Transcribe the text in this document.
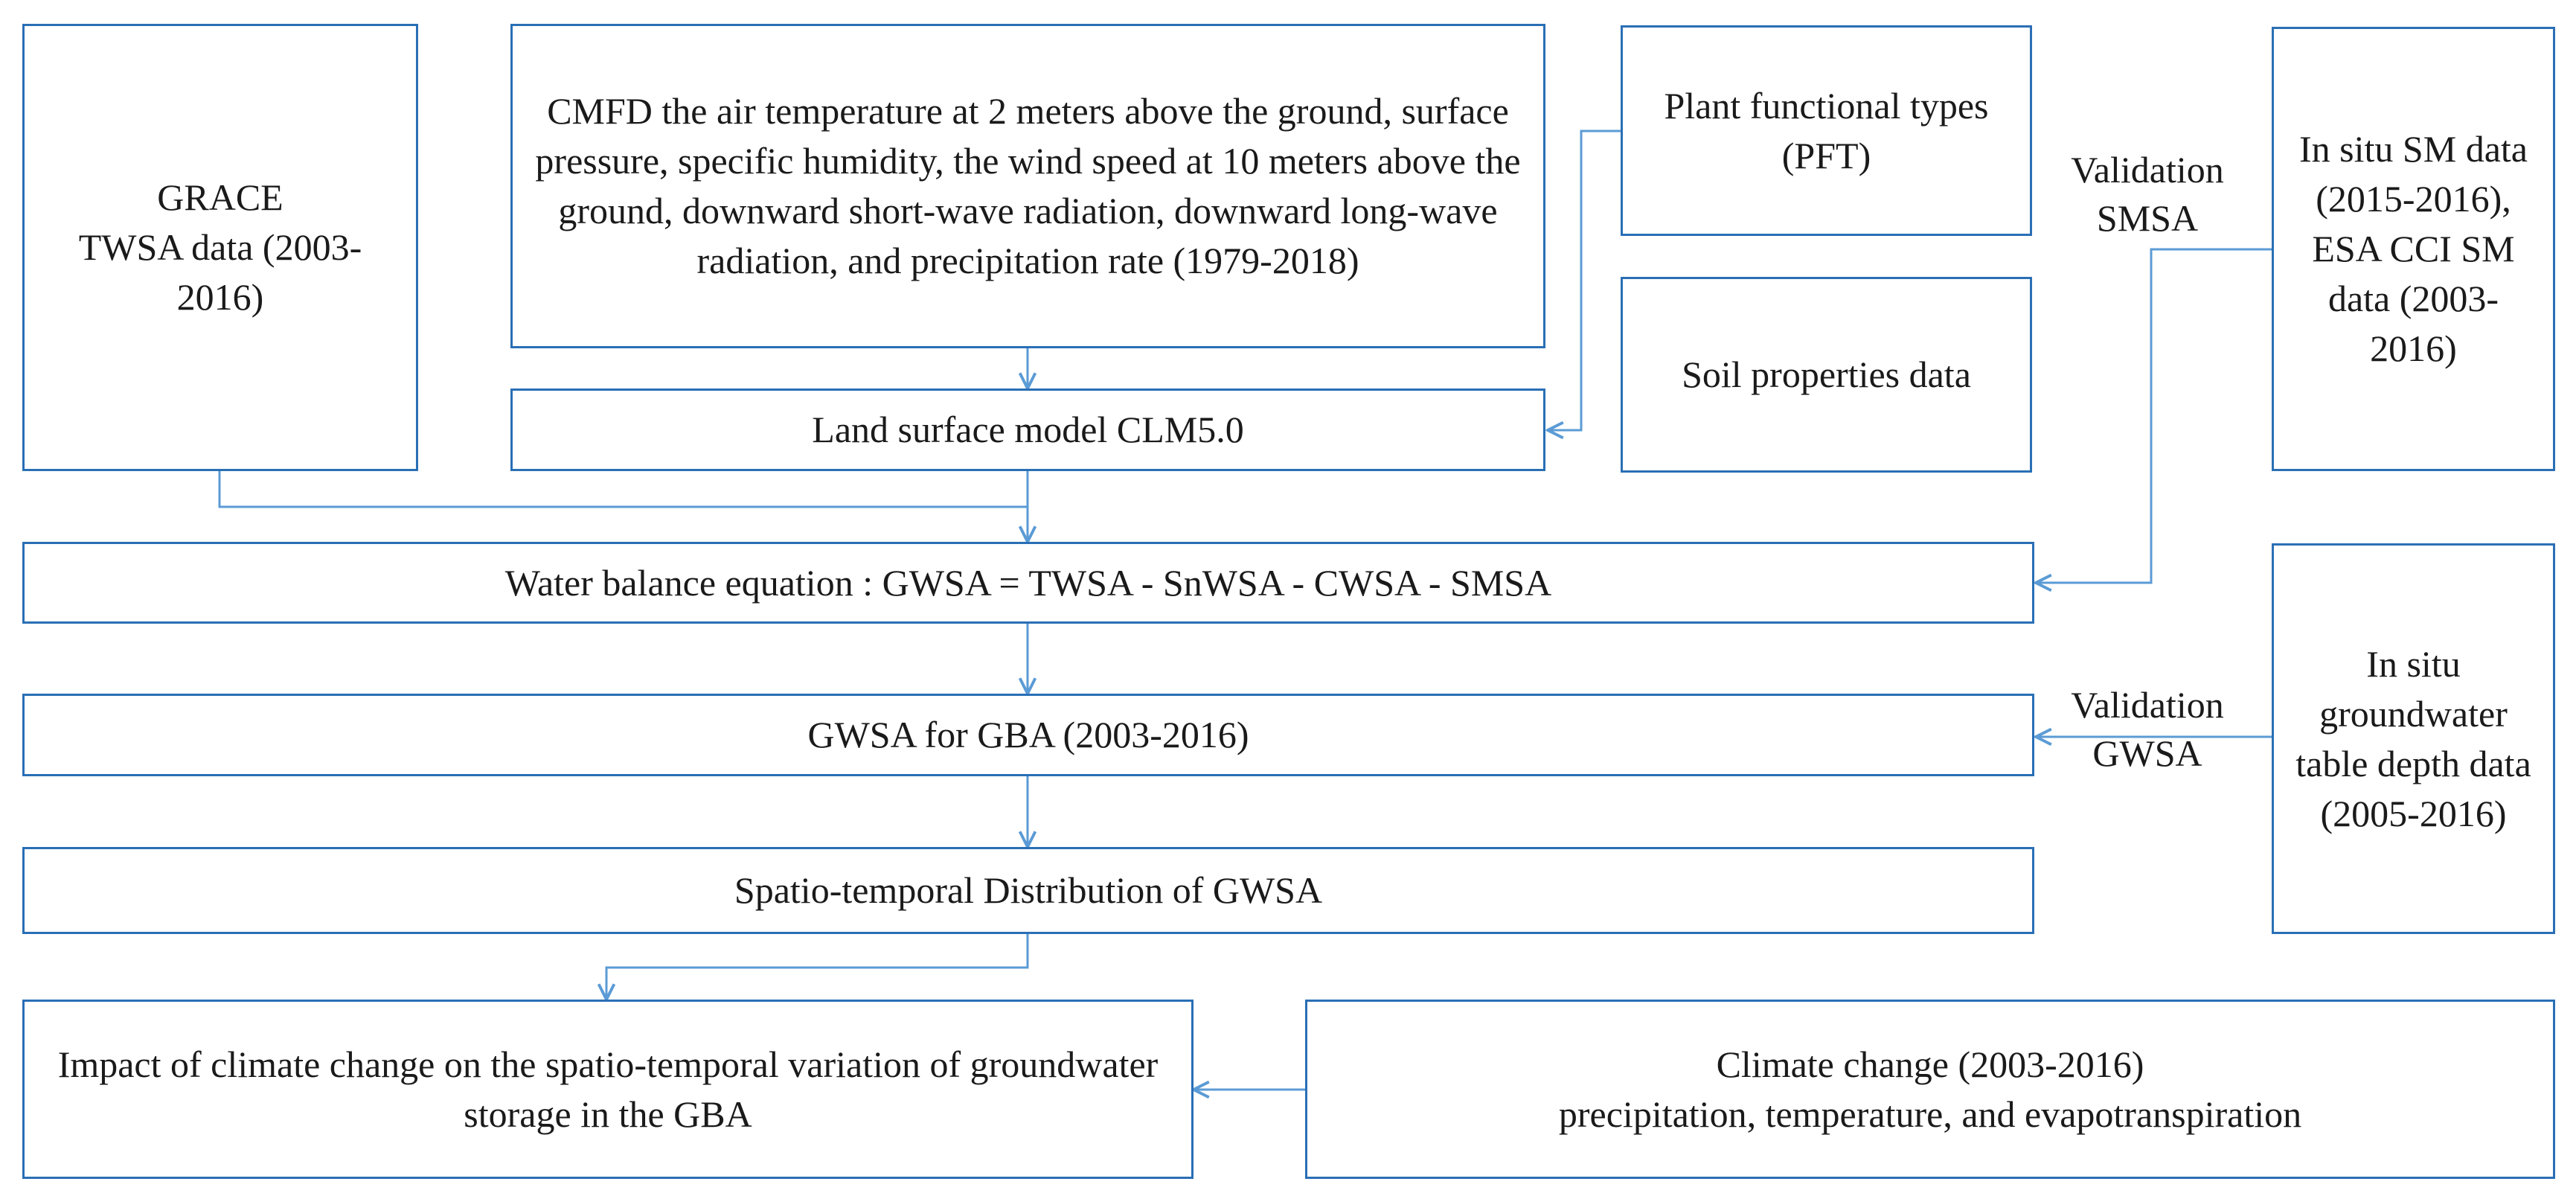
GRACE
TWSA data (2003-2016)
CMFD the air temperature at 2 meters above the ground, surface pressure, specific humidity, the wind speed at 10 meters above the ground, downward short-wave radiation, downward long-wave radiation, and precipitation rate (1979-2018)
Plant functional types (PFT)
Soil properties data
In situ SM data (2015-2016),
ESA CCI SM data (2003-2016)
Land surface model CLM5.0
Validation
SMSA
Water balance equation : GWSA = TWSA - SnWSA - CWSA - SMSA
GWSA for GBA (2003-2016)
In situ groundwater table depth data (2005-2016)
Validation
GWSA
Spatio-temporal Distribution of GWSA
Impact of climate change on the spatio-temporal variation of groundwater storage in the GBA
Climate change (2003-2016)
precipitation, temperature, and evapotranspiration
